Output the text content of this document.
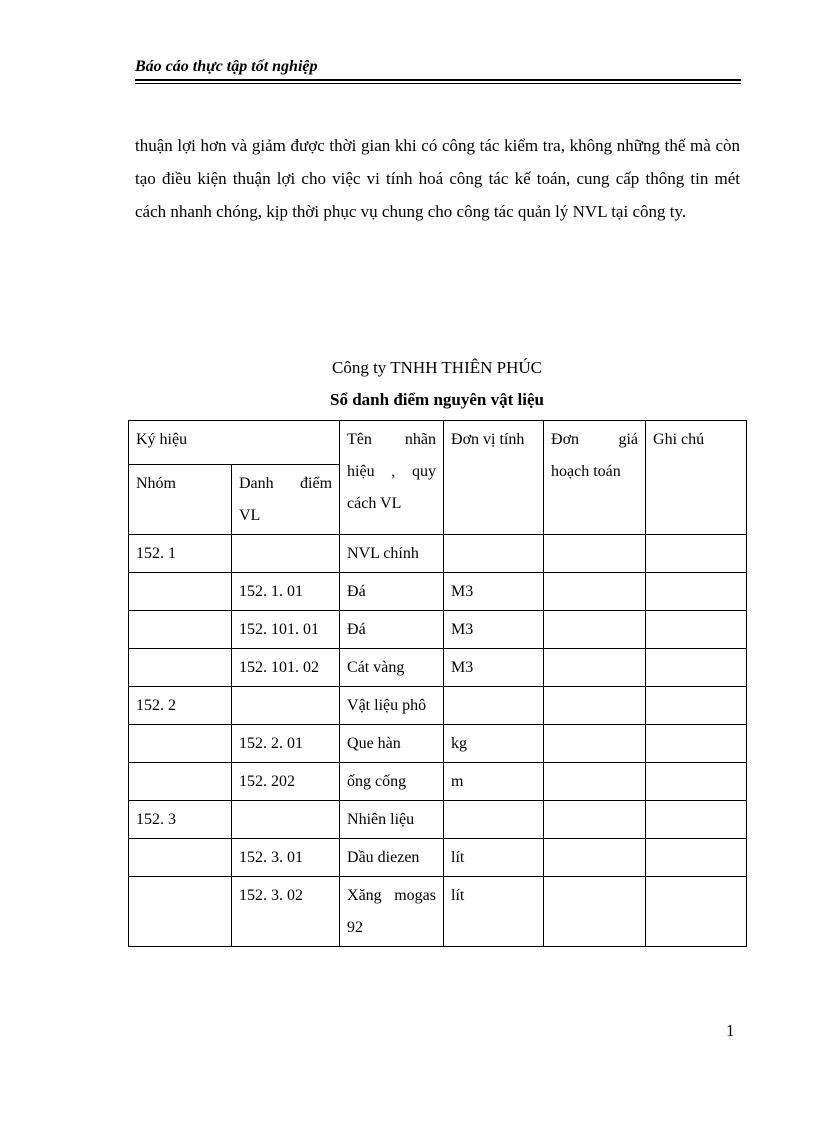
Báo cáo thực tập tốt nghiệp
thuận lợi hơn và giảm được thời gian khi có công tác kiểm tra, không những thế mà còn tạo điều kiện thuận lợi cho việc vi tính hoá công tác kế toán, cung cấp thông tin mét cách nhanh chóng, kịp thời phục vụ chung cho công tác quản lý NVL tại công ty.
Công ty TNHH THIÊN PHÚC
Sổ danh điểm nguyên vật liệu
Ký hiệu		Tên nhãn hiệu , quy cách VL	Đơn vị tính	Đơn giá hoạch toán	Ghi chú
Nhóm	Danh điểm VL				
152. 1		NVL chính			
	152. 1. 01	Đá	M3		
	152. 101. 01	Đá	M3		
	152. 101. 02	Cát vàng	M3		
152. 2		Vật liệu phô			
	152. 2. 01	Que hàn	kg		
	152. 202	ống cống	m		
152. 3		Nhiên liệu			
	152. 3. 01	Dầu diezen	lít		
	152. 3. 02	Xăng mogas 92	lít		
1
